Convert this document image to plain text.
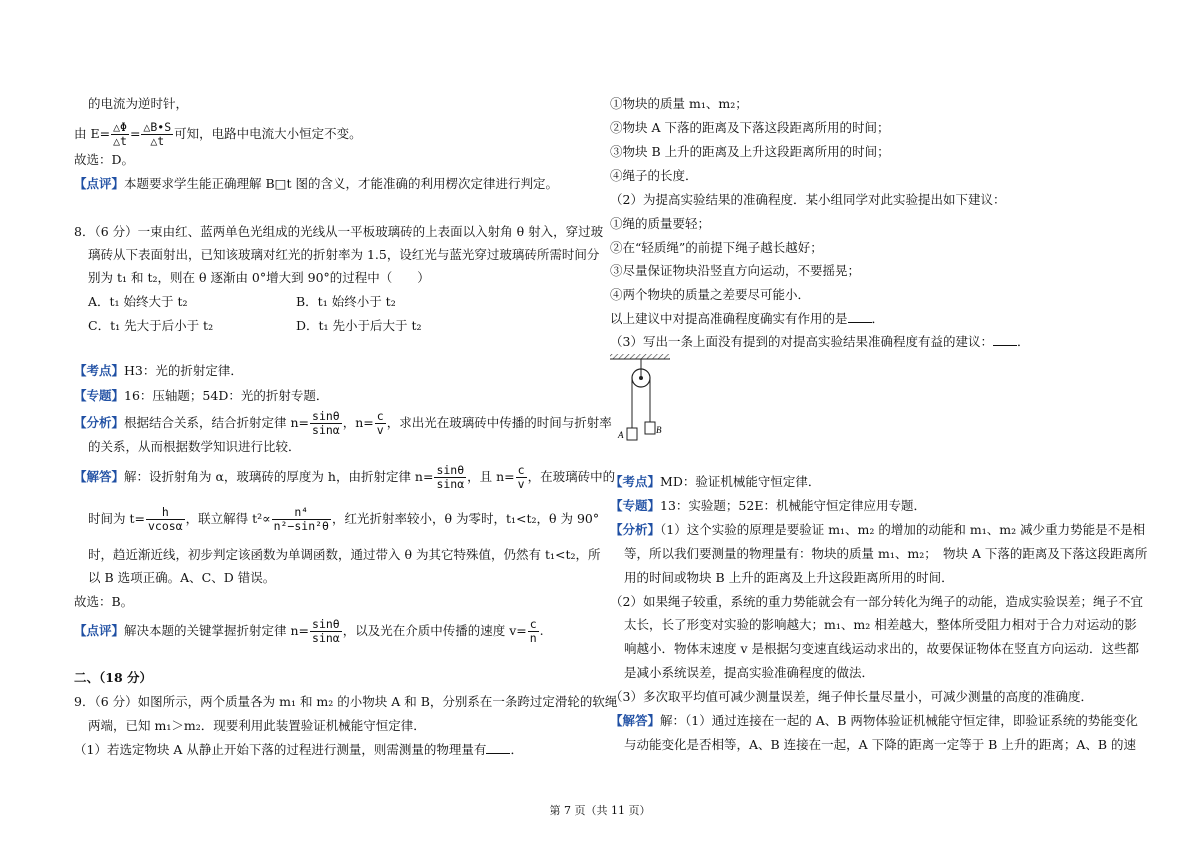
的电流为逆时针，
由 $E= \frac{\triangle\Phi}{\triangle t} = \frac{\triangle B•S}{\triangle t}$ 可知，电路中电流大小恒定不变。
故选：D。
【点评】本题要求学生能正确理解 B□t 图的含义，才能准确的利用楞次定律进行判定。
8．（6 分）一束由红、蓝两单色光组成的光线从一平板玻璃砖的上表面以入射角 θ 射入，穿过玻
璃砖从下表面射出，已知该玻璃对红光的折射率为 1.5，设红光与蓝光穿过玻璃砖所需时间分
别为 t₁ 和 t₂，则在 θ 逐渐由 0°增大到 90°的过程中（　　）
A．t₁ 始终大于 t₂	B．t₁ 始终小于 t₂
C．t₁ 先大于后小于 t₂	D．t₁ 先小于后大于 t₂
【考点】H3：光的折射定律．
【专题】16：压轴题；54D：光的折射专题．
【分析】根据结合关系，结合折射定律 $n= \frac{\sin\theta}{\sin\alpha}$ ，$n= \frac{c}{v}$ ，求出光在玻璃砖中传播的时间与折射率
的关系，从而根据数学知识进行比较．
【解答】解：设折射角为 α，玻璃砖的厚度为 h，由折射定律 $n= \frac{\sin\theta}{\sin\alpha}$ ，且 $n= \frac{c}{v}$ ，在玻璃砖中的
时间为 $t= \frac{h}{vcos\alpha}$ ，联立解得 $t^2\propto \frac{\text{n⁴}}{\text{n²−sin²θ}}$ ，红光折射率较小，θ 为零时，t₁<t₂，θ 为 90°
时，趋近渐近线，初步判定该函数为单调函数，通过带入 θ 为其它特殊值，仍然有 t₁<t₂，所
以 B 选项正确。A、C、D 错误。
故选：B。
【点评】解决本题的关键掌握折射定律 $n= \frac{\sin\theta}{\sin\alpha}$ ，以及光在介质中传播的速度 $v= \frac{c}{n}$ .
二、（18 分）
9．（6 分）如图所示，两个质量各为 m₁ 和 m₂ 的小物块 A 和 B，分别系在一条跨过定滑轮的软绳
两端，已知 m₁＞m₂．现要利用此装置验证机械能守恒定律．
（1）若选定物块 A 从静止开始下落的过程进行测量，则需测量的物理量有 ．
①物块的质量 m₁、m₂；
②物块 A 下落的距离及下落这段距离所用的时间；
③物块 B 上升的距离及上升这段距离所用的时间；
④绳子的长度．
（2）为提高实验结果的准确程度．某小组同学对此实验提出如下建议：
①绳的质量要轻；
②在“轻质绳”的前提下绳子越长越好；
③尽量保证物块沿竖直方向运动，不要摇晃；
④两个物块的质量之差要尽可能小．
以上建议中对提高准确程度确实有作用的是 ．
（3）写出一条上面没有提到的对提高实验结果准确程度有益的建议： ．
【考点】MD：验证机械能守恒定律．
【专题】13：实验题；52E：机械能守恒定律应用专题．
【分析】（1）这个实验的原理是要验证 m₁、m₂ 的增加的动能和 m₁、m₂ 减少重力势能是不是相
等，所以我们要测量的物理量有：物块的质量 m₁、m₂；　物块 A 下落的距离及下落这段距离所
用的时间或物块 B 上升的距离及上升这段距离所用的时间．
（2）如果绳子较重，系统的重力势能就会有一部分转化为绳子的动能，造成实验误差；绳子不宜
太长，长了形变对实验的影响越大；m₁、m₂ 相差越大，整体所受阻力相对于合力对运动的影
响越小．物体末速度 v 是根据匀变速直线运动求出的，故要保证物体在竖直方向运动．这些都
是减小系统误差，提高实验准确程度的做法．
（3）多次取平均值可减少测量误差，绳子伸长量尽量小，可减少测量的高度的准确度．
【解答】解：（1）通过连接在一起的 A、B 两物体验证机械能守恒定律，即验证系统的势能变化
与动能变化是否相等，A、B 连接在一起，A 下降的距离一定等于 B 上升的距离；A、B 的速
A	B
第 7 页（共 11 页）
